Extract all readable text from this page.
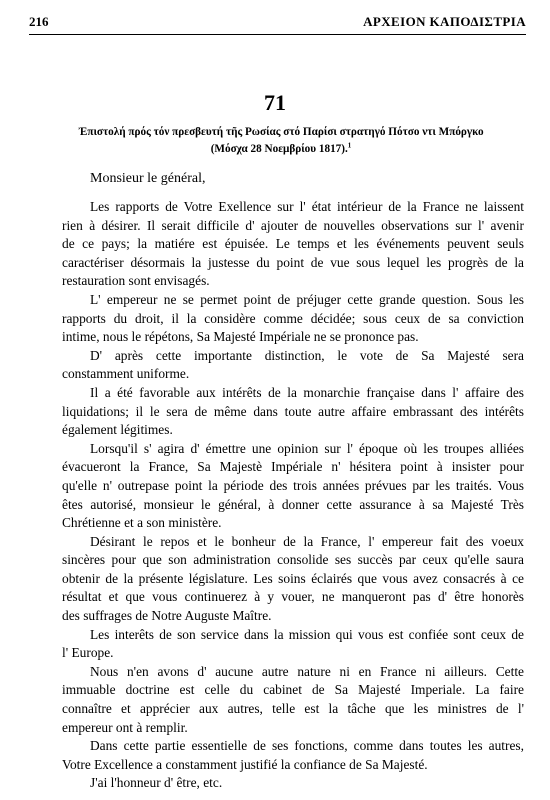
216	ΑΡΧΕΙΟΝ ΚΑΠΟΔΙΣΤΡΙΑ
71
Ἐπιστολή πρός τόν πρεσβευτή τῆς Ρωσίας στό Παρίσι στρατηγό Πότσο ντι Μπόργκο
(Μόσχα 28 Νοεμβρίου 1817).$^1$
Monsieur le général,
Les rapports de Votre Exellence sur l' état intérieur de la France ne laissent
rien à désirer. Il serait difficile d' ajouter de nouvelles observations sur l' avenir
de ce pays; la matiére est épuisée. Le temps et les événements peuvent seuls
caractériser désormais la justesse du point de vue sous lequel les progrès de la
restauration sont envisagés.
L' empereur ne se permet point de préjuger cette grande question. Sous les
rapports du droit, il la considère comme décidée; sous ceux de sa conviction
intime, nous le répétons, Sa Majesté Impériale ne se prononce pas.
D' après cette importante distinction, le vote de Sa Majesté sera
constamment uniforme.
Il a été favorable aux intérêts de la monarchie française dans l' affaire des
liquidations; il le sera de même dans toute autre affaire embrassant des intérêts
également légitimes.
Lorsqu'il s' agira d' émettre une opinion sur l' époque où les troupes alliées
évacueront la France, Sa Majestè Impériale n' hésitera point à insister pour
qu'elle n' outrepase point la période des trois années prévues par les traités. Vous
êtes autorisé, monsieur le général, à donner cette assurance à sa Majesté Très
Chrétienne et a son ministère.
Désirant le repos et le bonheur de la France, l' empereur fait des voeux
sincères pour que son administration consolide ses succès par ceux qu'elle saura
obtenir de la présente législature. Les soins éclairés que vous avez consacrés à ce
résultat et que vous continuerez à y vouer, ne manqueront pas d' être honorès
des suffrages de Notre Auguste Maître.
Les interêts de son service dans la mission qui vous est confiée sont ceux de
l' Europe.
Nous n'en avons d' aucune autre nature ni en France ni ailleurs. Cette
immuable doctrine est celle du cabinet de Sa Majesté Imperiale. La faire
connaître et apprécier aux autres, telle est la tâche que les ministres de l'
empereur ont à remplir.
Dans cette partie essentielle de ses fonctions, comme dans toutes les autres,
Votre Excellence a constamment justifié la confiance de Sa Majesté.
J'ai l'honneur d' être, etc.
